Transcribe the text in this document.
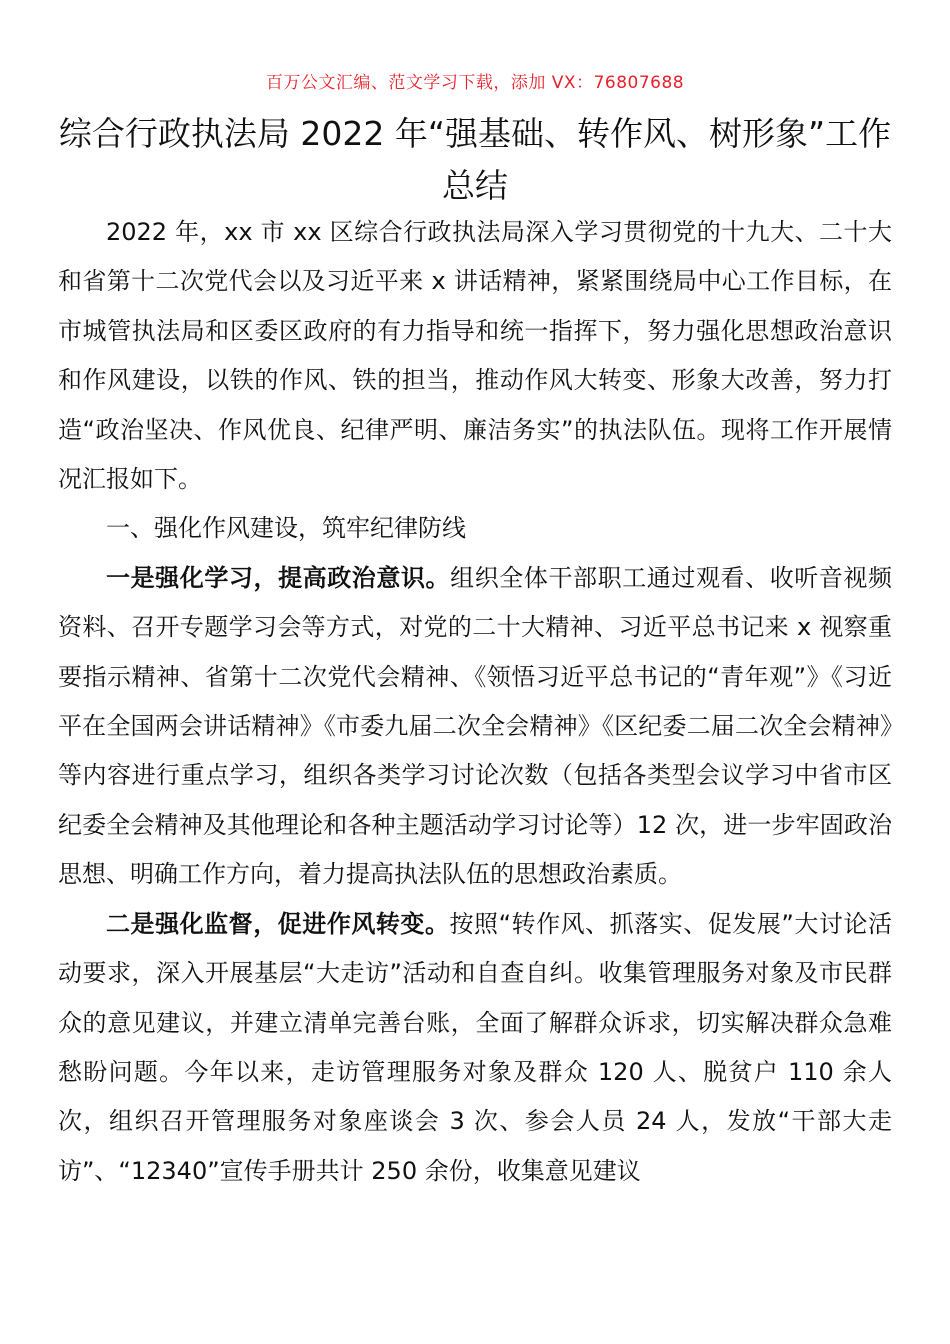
百万公文汇编、范文学习下载，添加 VX：76807688
综合行政执法局 2022 年“强基础、转作风、树形象”工作总结

2022 年，xx 市 xx 区综合行政执法局深入学习贯彻党的十九大、二十大和省第十二次党代会以及习近平来 x 讲话精神，紧紧围绕局中心工作目标，在市城管执法局和区委区政府的有力指导和统一指挥下，努力强化思想政治意识和作风建设，以铁的作风、铁的担当，推动作风大转变、形象大改善，努力打造“政治坚决、作风优良、纪律严明、廉洁务实”的执法队伍。现将工作开展情况汇报如下。

一、强化作风建设，筑牢纪律防线

一是强化学习，提高政治意识。组织全体干部职工通过观看、收听音视频资料、召开专题学习会等方式，对党的二十大精神、习近平总书记来 x 视察重要指示精神、省第十二次党代会精神、《领悟习近平总书记的“青年观”》《习近平在全国两会讲话精神》《市委九届二次全会精神》《区纪委二届二次全会精神》等内容进行重点学习，组织各类学习讨论次数（包括各类型会议学习中省市区纪委全会精神及其他理论和各种主题活动学习讨论等）12 次，进一步牢固政治思想、明确工作方向，着力提高执法队伍的思想政治素质。

二是强化监督，促进作风转变。按照“转作风、抓落实、促发展”大讨论活动要求，深入开展基层“大走访”活动和自查自纠。收集管理服务对象及市民群众的意见建议，并建立清单完善台账，全面了解群众诉求，切实解决群众急难愁盼问题。今年以来，走访管理服务对象及群众 120 人、脱贫户 110 余人次，组织召开管理服务对象座谈会 3 次、参会人员 24 人，发放“干部大走访”、“12340”宣传手册共计 250 余份，收集意见建议
